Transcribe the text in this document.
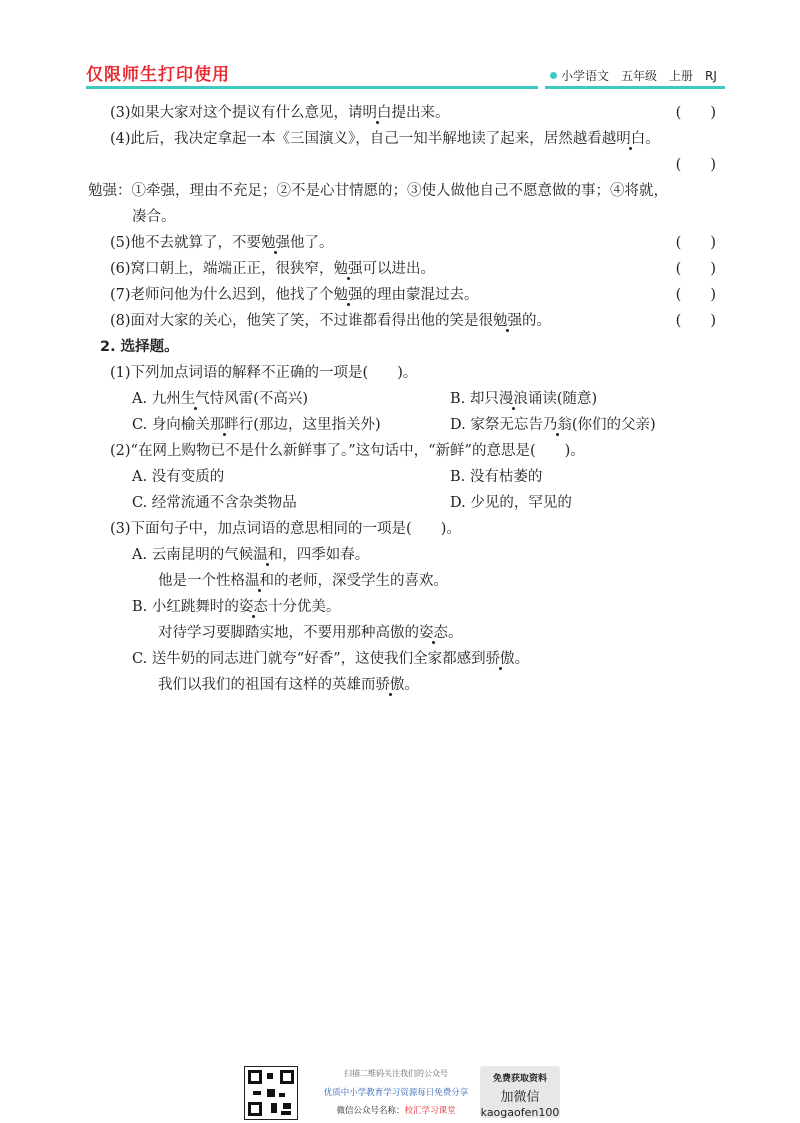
仅限师生打印使用	小学语文 五年级 上册 RJ
(3)如果大家对这个提议有什么意见，请明白提出来。	(　　)
(4)此后，我决定拿起一本《三国演义》，自己一知半解地读了起来，居然越看越明白。
(　　)
勉强：①牵强，理由不充足；②不是心甘情愿的；③使人做他自己不愿意做的事；④将就，
凑合。
(5)他不去就算了，不要勉强他了。	(　　)
(6)窝口朝上，端端正正，很狭窄，勉强可以进出。	(　　)
(7)老师问他为什么迟到，他找了个勉强的理由蒙混过去。	(　　)
(8)面对大家的关心，他笑了笑，不过谁都看得出他的笑是很勉强的。	(　　)
2. 选择题。
(1)下列加点词语的解释不正确的一项是(　　)。
A. 九州生气恃风雷(不高兴)	B. 却只漫浪诵读(随意)
C. 身向榆关那畔行(那边，这里指关外)	D. 家祭无忘告乃翁(你们的父亲)
(2)“在网上购物已不是什么新鲜事了。”这句话中，“新鲜”的意思是(　　)。
A. 没有变质的	B. 没有枯萎的
C. 经常流通不含杂类物品	D. 少见的，罕见的
(3)下面句子中，加点词语的意思相同的一项是(　　)。
A. 云南昆明的气候温和，四季如春。
他是一个性格温和的老师，深受学生的喜欢。
B. 小红跳舞时的姿态十分优美。
对待学习要脚踏实地，不要用那种高傲的姿态。
C. 送牛奶的同志进门就夸“好香”，这使我们全家都感到骄傲。
我们以我们的祖国有这样的英雄而骄傲。
扫描二维码关注我们的公众号
优质中小学教育学习资源每日免费分享
微信公众号名称：校汇学习课堂
免费获取资料
加微信
kaogaofen100
